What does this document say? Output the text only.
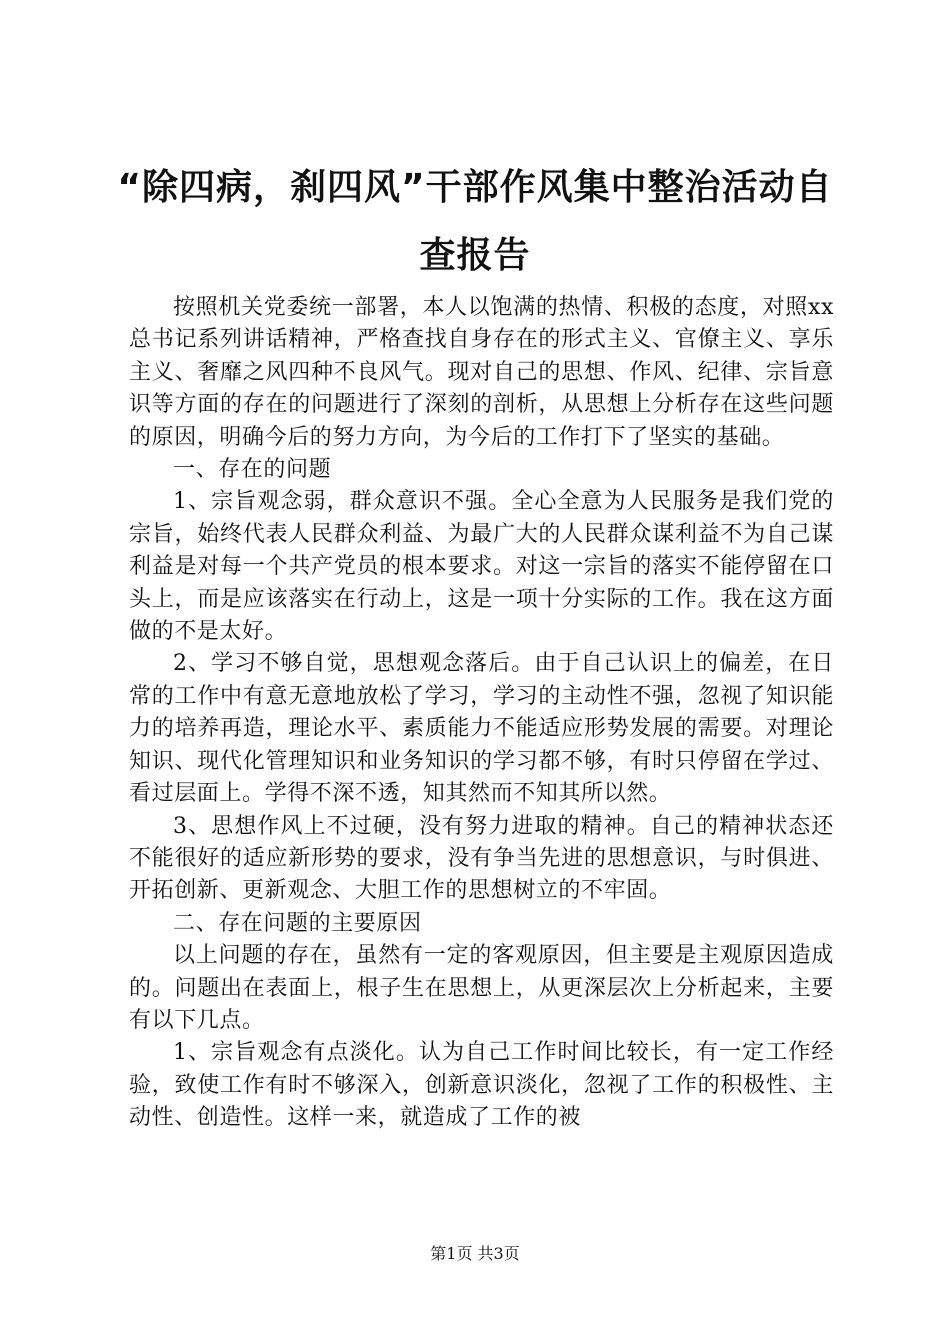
“除四病，刹四风”干部作风集中整治活动自查报告

按照机关党委统一部署，本人以饱满的热情、积极的态度，对照xx总书记系列讲话精神，严格查找自身存在的形式主义、官僚主义、享乐主义、奢靡之风四种不良风气。现对自己的思想、作风、纪律、宗旨意识等方面的存在的问题进行了深刻的剖析，从思想上分析存在这些问题的原因，明确今后的努力方向，为今后的工作打下了坚实的基础。

一、存在的问题

1、宗旨观念弱，群众意识不强。全心全意为人民服务是我们党的宗旨，始终代表人民群众利益、为最广大的人民群众谋利益不为自己谋利益是对每一个共产党员的根本要求。对这一宗旨的落实不能停留在口头上，而是应该落实在行动上，这是一项十分实际的工作。我在这方面做的不是太好。

2、学习不够自觉，思想观念落后。由于自己认识上的偏差，在日常的工作中有意无意地放松了学习，学习的主动性不强，忽视了知识能力的培养再造，理论水平、素质能力不能适应形势发展的需要。对理论知识、现代化管理知识和业务知识的学习都不够，有时只停留在学过、看过层面上。学得不深不透，知其然而不知其所以然。

3、思想作风上不过硬，没有努力进取的精神。自己的精神状态还不能很好的适应新形势的要求，没有争当先进的思想意识，与时俱进、开拓创新、更新观念、大胆工作的思想树立的不牢固。

二、存在问题的主要原因

以上问题的存在，虽然有一定的客观原因，但主要是主观原因造成的。问题出在表面上，根子生在思想上，从更深层次上分析起来，主要有以下几点。

1、宗旨观念有点淡化。认为自己工作时间比较长，有一定工作经验，致使工作有时不够深入，创新意识淡化，忽视了工作的积极性、主动性、创造性。这样一来，就造成了工作的被

第1页 共3页
